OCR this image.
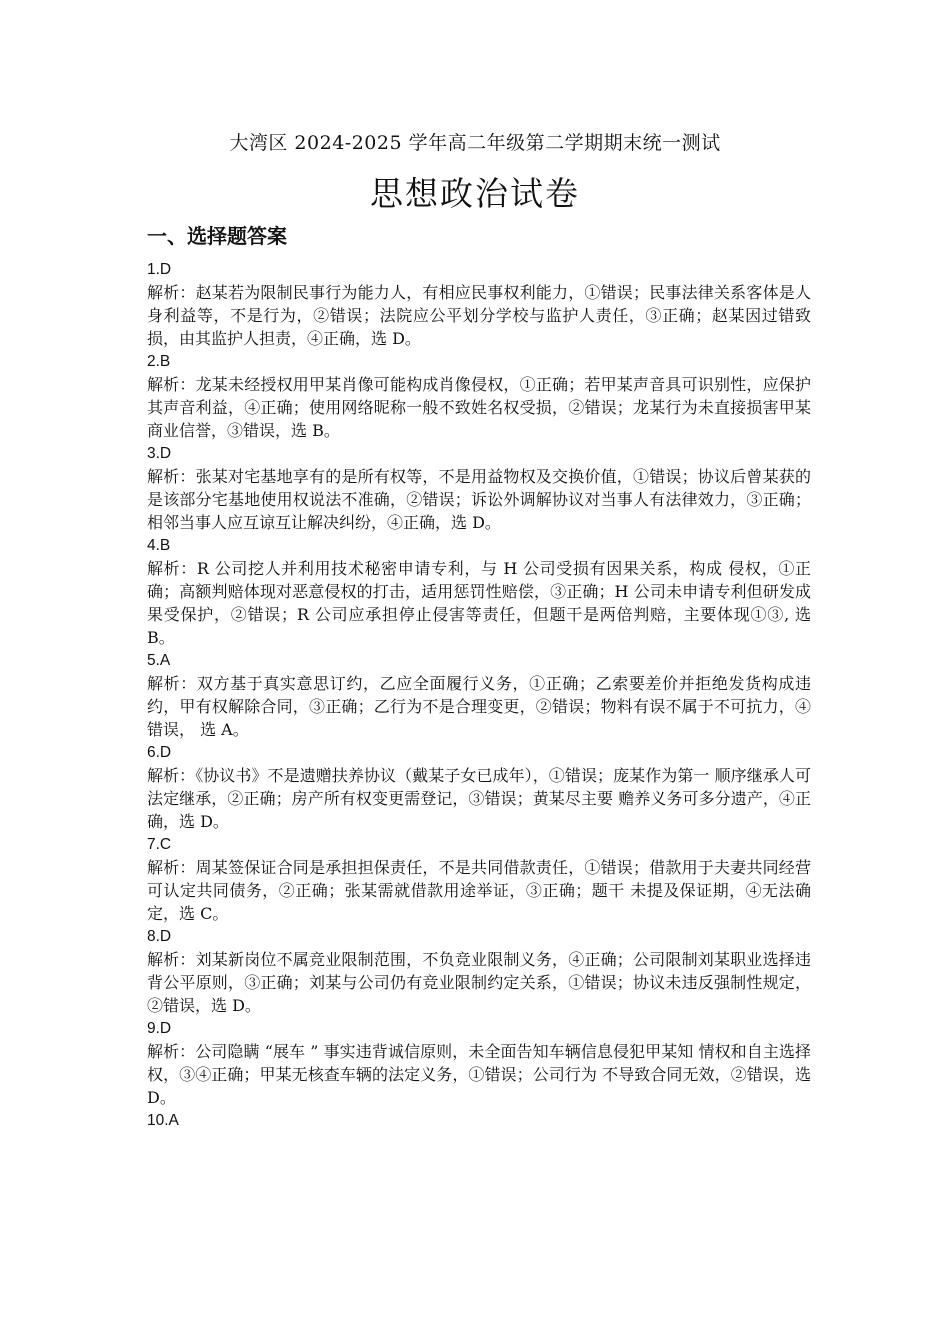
大湾区 2024-2025 学年高二年级第二学期期末统一测试
思想政治试卷
一、选择题答案
1.D
解析：赵某若为限制民事行为能力人，有相应民事权利能力，①错误；民事法律关系客体是人身利益等，不是行为，②错误；法院应公平划分学校与监护人责任，③正确；赵某因过错致损，由其监护人担责，④正确，选 D。
2.B
解析：龙某未经授权用甲某肖像可能构成肖像侵权，①正确；若甲某声音具可识别性，应保护其声音利益，④正确；使用网络昵称一般不致姓名权受损，②错误；龙某行为未直接损害甲某商业信誉，③错误，选 B。
3.D
解析：张某对宅基地享有的是所有权等，不是用益物权及交换价值，①错误；协议后曾某获的是该部分宅基地使用权说法不准确，②错误；诉讼外调解协议对当事人有法律效力，③正确；相邻当事人应互谅互让解决纠纷，④正确，选 D。
4.B
解析：R 公司挖人并利用技术秘密申请专利，与 H 公司受损有因果关系，构成 侵权，①正确；高额判赔体现对恶意侵权的打击，适用惩罚性赔偿，③正确；H 公司未申请专利但研发成果受保护，②错误；R 公司应承担停止侵害等责任，但题干是两倍判赔，主要体现①③, 选 B。
5.A
解析：双方基于真实意思订约，乙应全面履行义务，①正确；乙索要差价并拒绝发货构成违约，甲有权解除合同，③正确；乙行为不是合理变更，②错误；物料有误不属于不可抗力，④错误， 选 A。
6.D
解析：《协议书》不是遗赠扶养协议（戴某子女已成年），①错误；庞某作为第一 顺序继承人可法定继承，②正确；房产所有权变更需登记，③错误；黄某尽主要 赡养义务可多分遗产，④正确，选 D。
7.C
解析：周某签保证合同是承担担保责任，不是共同借款责任，①错误；借款用于夫妻共同经营可认定共同债务，②正确；张某需就借款用途举证，③正确；题干 未提及保证期，④无法确定，选 C。
8.D
解析：刘某新岗位不属竞业限制范围，不负竞业限制义务，④正确；公司限制刘某职业选择违背公平原则，③正确；刘某与公司仍有竞业限制约定关系，①错误；协议未违反强制性规定，②错误，选 D。
9.D
解析：公司隐瞒 “展车 ” 事实违背诚信原则，未全面告知车辆信息侵犯甲某知 情权和自主选择权，③④正确；甲某无核查车辆的法定义务，①错误；公司行为 不导致合同无效，②错误，选 D。
10.A
